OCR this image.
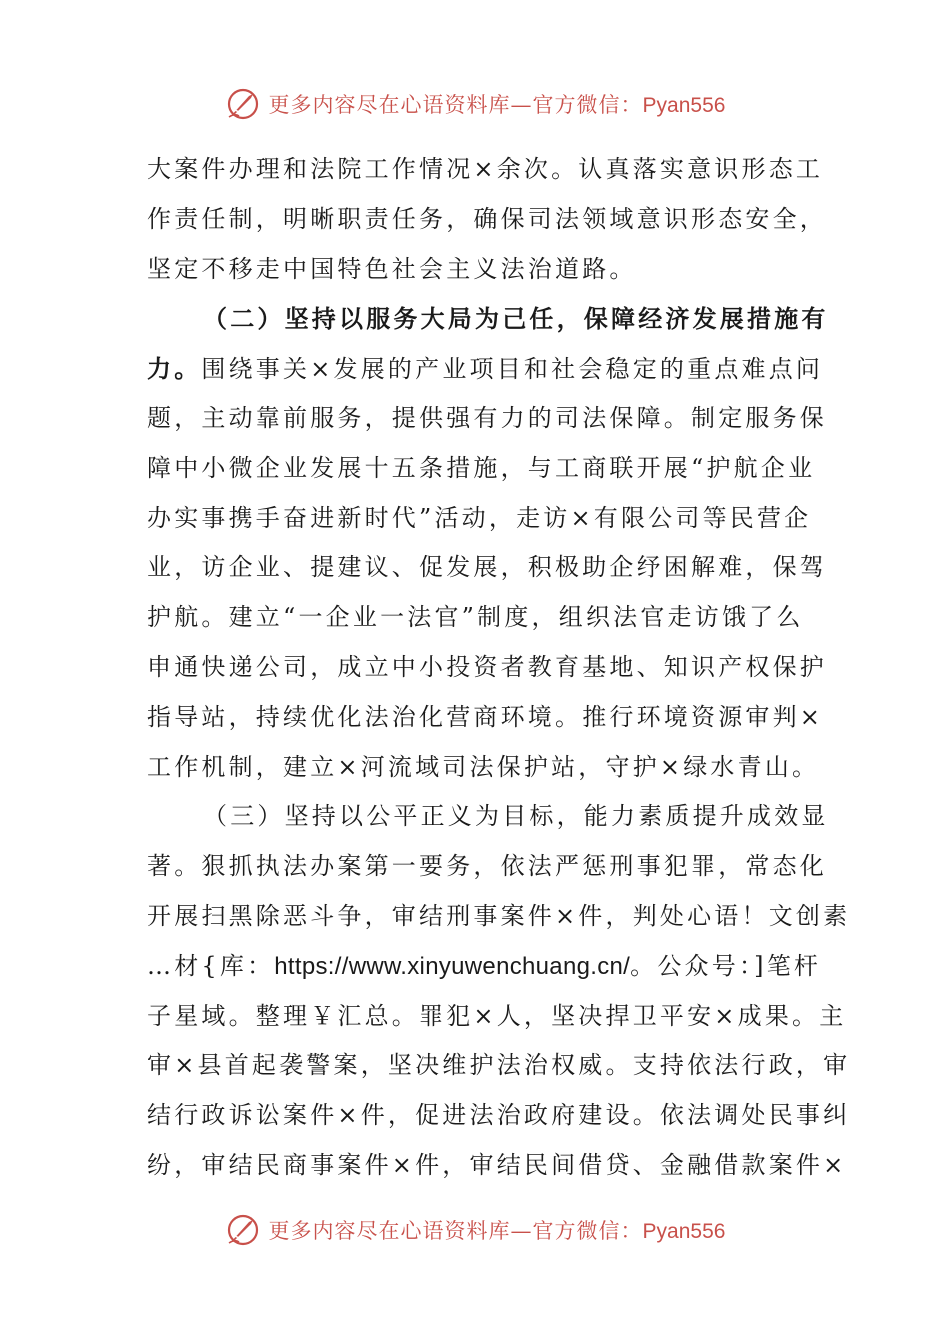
更多内容尽在心语资料库—官方微信：Pyan556
大案件办理和法院工作情况×余次。认真落实意识形态工
作责任制，明晰职责任务，确保司法领域意识形态安全，
坚定不移走中国特色社会主义法治道路。
（二）坚持以服务大局为己任，保障经济发展措施有
力。围绕事关×发展的产业项目和社会稳定的重点难点问
题，主动靠前服务，提供强有力的司法保障。制定服务保
障中小微企业发展十五条措施，与工商联开展“护航企业
办实事携手奋进新时代”活动，走访×有限公司等民营企
业，访企业、提建议、促发展，积极助企纾困解难，保驾
护航。建立“一企业一法官”制度，组织法官走访饿了么
申通快递公司，成立中小投资者教育基地、知识产权保护
指导站，持续优化法治化营商环境。推行环境资源审判×
工作机制，建立×河流域司法保护站，守护×绿水青山。
（三）坚持以公平正义为目标，能力素质提升成效显
著。狠抓执法办案第一要务，依法严惩刑事犯罪，常态化
开展扫黑除恶斗争，审结刑事案件×件，判处心语！文创素
…材{库：https://www.xinyuwenchuang.cn/。公众号：]笔杆
子星域。整理￥汇总。罪犯×人，坚决捍卫平安×成果。主
审×县首起袭警案，坚决维护法治权威。支持依法行政，审
结行政诉讼案件×件，促进法治政府建设。依法调处民事纠
纷，审结民商事案件×件，审结民间借贷、金融借款案件×
更多内容尽在心语资料库—官方微信：Pyan556
